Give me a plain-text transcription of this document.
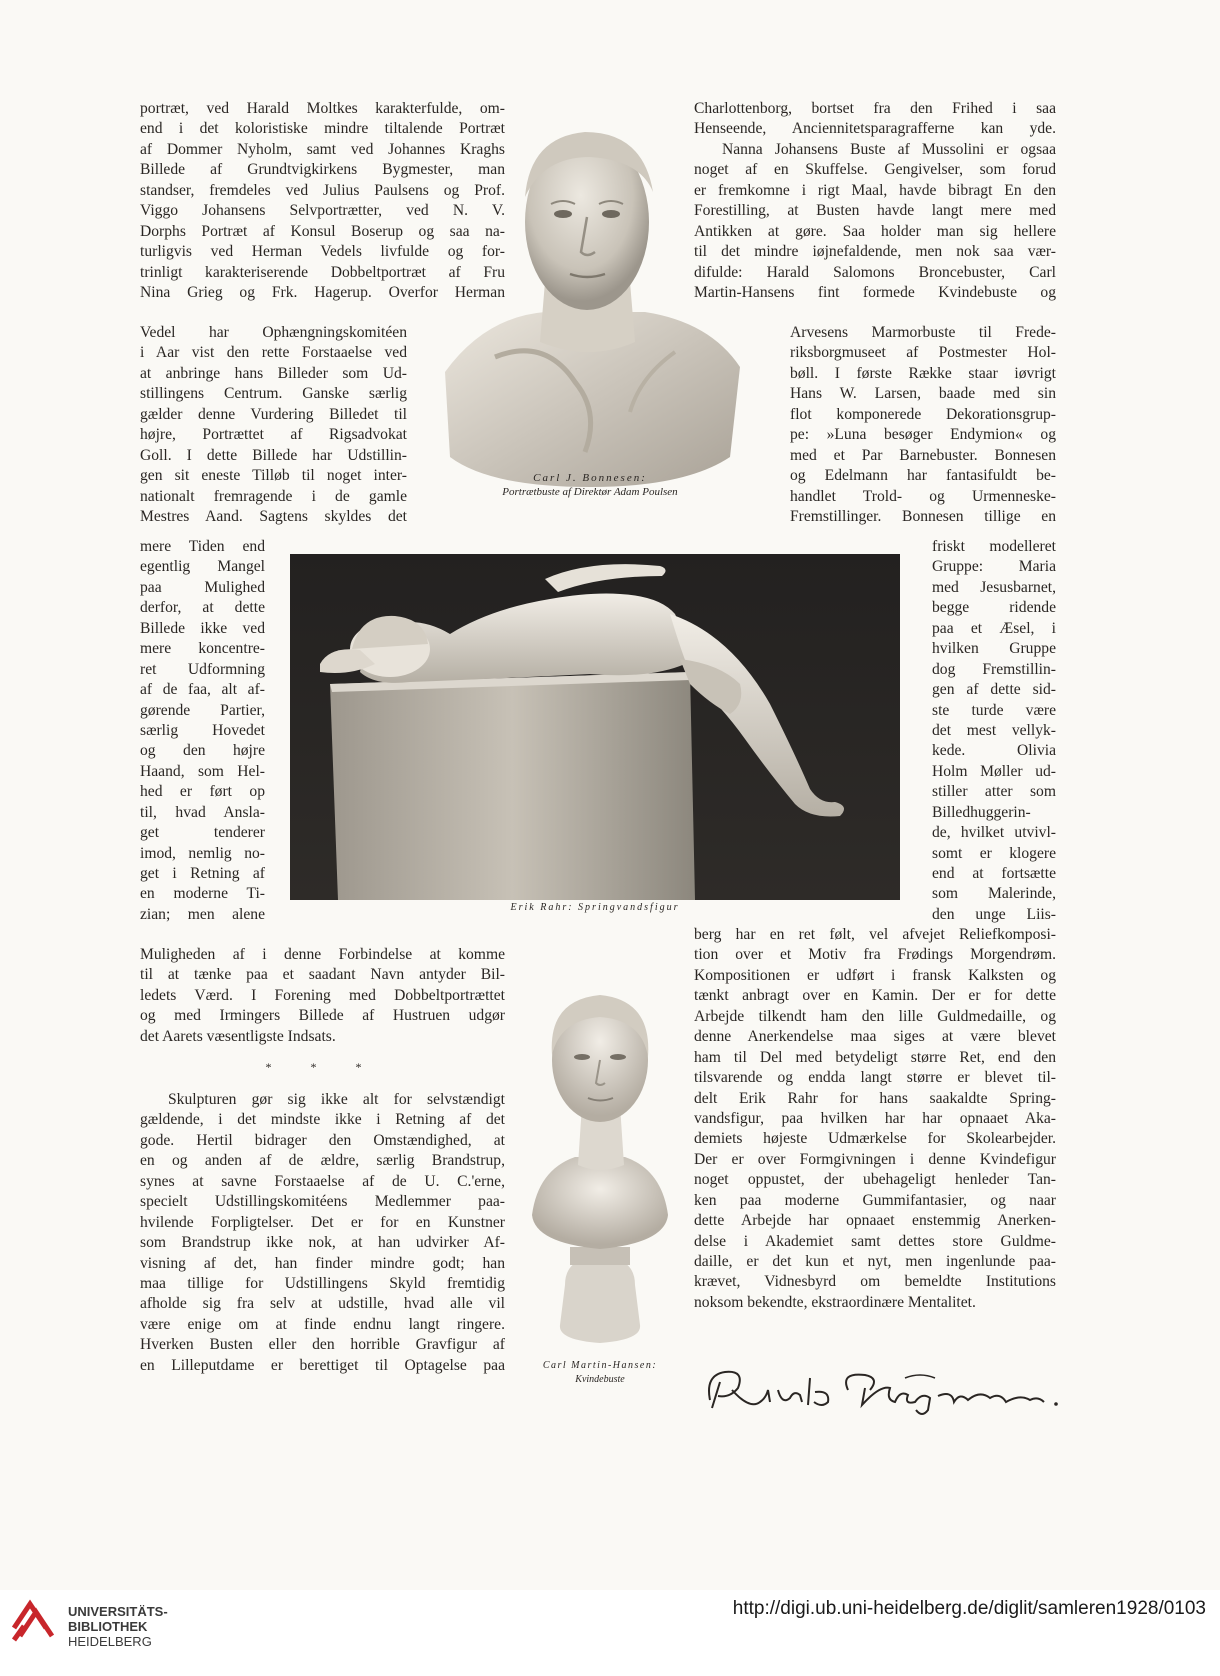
portræt, ved Harald Moltkes karakterfulde, om-
end i det koloristiske mindre tiltalende Portræt
af Dommer Nyholm, samt ved Johannes Kraghs
Billede af Grundtvigkirkens Bygmester, man
standser, fremdeles ved Julius Paulsens og Prof.
Viggo Johansens Selvportrætter, ved N. V.
Dorphs Portræt af Konsul Boserup og saa na-
turligvis ved Herman Vedels livfulde og for-
trinligt karakteriserende Dobbeltportræt af Fru
Nina Grieg og Frk. Hagerup. Overfor Herman
Vedel har Ophængningskomitéen
i Aar vist den rette Forstaaelse ved
at anbringe hans Billeder som Ud-
stillingens Centrum. Ganske særlig
gælder denne Vurdering Billedet til
højre, Portrættet af Rigsadvokat
Goll. I dette Billede har Udstillin-
gen sit eneste Tilløb til noget inter-
nationalt fremragende i de gamle
Mestres Aand. Sagtens skyldes det
mere Tiden end
egentlig Mangel
paa Mulighed
derfor, at dette
Billede ikke ved
mere koncentre-
ret Udformning
af de faa, alt af-
gørende Partier,
særlig Hovedet
og den højre
Haand, som Hel-
hed er ført op
til, hvad Ansla-
get tenderer
imod, nemlig no-
get i Retning af
en moderne Ti-
zian; men alene
Muligheden af i denne Forbindelse at komme
til at tænke paa et saadant Navn antyder Bil-
ledets Værd. I Forening med Dobbeltportrættet
og med Irmingers Billede af Hustruen udgør
det Aarets væsentligste Indsats.
* * *
Skulpturen gør sig ikke alt for selvstændigt
gældende, i det mindste ikke i Retning af det
gode. Hertil bidrager den Omstændighed, at
en og anden af de ældre, særlig Brandstrup,
synes at savne Forstaaelse af de U. C.'erne,
specielt Udstillingskomitéens Medlemmer paa-
hvilende Forpligtelser. Det er for en Kunstner
som Brandstrup ikke nok, at han udvirker Af-
visning af det, han finder mindre godt; han
maa tillige for Udstillingens Skyld fremtidig
afholde sig fra selv at udstille, hvad alle vil
være enige om at finde endnu langt ringere.
Hverken Busten eller den horrible Gravfigur af
en Lilleputdame er berettiget til Optagelse paa
Charlottenborg, bortset fra den Frihed i saa
Henseende, Anciennitetsparagrafferne kan yde.
Nanna Johansens Buste af Mussolini er ogsaa
noget af en Skuffelse. Gengivelser, som forud
er fremkomne i rigt Maal, havde bibragt En den
Forestilling, at Busten havde langt mere med
Antikken at gøre. Saa holder man sig hellere
til det mindre iøjnefaldende, men nok saa vær-
difulde: Harald Salomons Broncebuster, Carl
Martin-Hansens fint formede Kvindebuste og
Arvesens Marmorbuste til Frede-
riksborgmuseet af Postmester Hol-
bøll. I første Række staar iøvrigt
Hans W. Larsen, baade med sin
flot komponerede Dekorationsgrup-
pe: »Luna besøger Endymion« og
med et Par Barnebuster. Bonnesen
og Edelmann har fantasifuldt be-
handlet Trold- og Urmenneske-
Fremstillinger. Bonnesen tillige en
friskt modelleret
Gruppe: Maria
med Jesusbarnet,
begge ridende
paa et Æsel, i
hvilken Gruppe
dog Fremstillin-
gen af dette sid-
ste turde være
det mest vellyk-
kede. Olivia
Holm Møller ud-
stiller atter som
Billedhuggerin-
de, hvilket utvivl-
somt er klogere
end at fortsætte
som Malerinde,
den unge Liis-
berg har en ret følt, vel afvejet Reliefkomposi-
tion over et Motiv fra Frødings Morgendrøm.
Kompositionen er udført i fransk Kalksten og
tænkt anbragt over en Kamin. Der er for dette
Arbejde tilkendt ham den lille Guldmedaille, og
denne Anerkendelse maa siges at være blevet
ham til Del med betydeligt større Ret, end den
tilsvarende og endda langt større er blevet til-
delt Erik Rahr for hans saakaldte Spring-
vandsfigur, paa hvilken har har opnaaet Aka-
demiets højeste Udmærkelse for Skolearbejder.
Der er over Formgivningen i denne Kvindefigur
noget oppustet, der ubehageligt henleder Tan-
ken paa moderne Gummifantasier, og naar
dette Arbejde har opnaaet enstemmig Anerken-
delse i Akademiet samt dettes store Guldme-
daille, er det kun et nyt, men ingenlunde paa-
krævet, Vidnesbyrd om bemeldte Institutions
noksom bekendte, ekstraordinære Mentalitet.
Carl J. Bonnesen:
Portrætbuste af Direktør Adam Poulsen
Erik Rahr: Springvandsfigur
Carl Martin-Hansen:
Kvindebuste
UNIVERSITÄTS-
BIBLIOTHEK
HEIDELBERG
http://digi.ub.uni-heidelberg.de/diglit/samleren1928/0103
